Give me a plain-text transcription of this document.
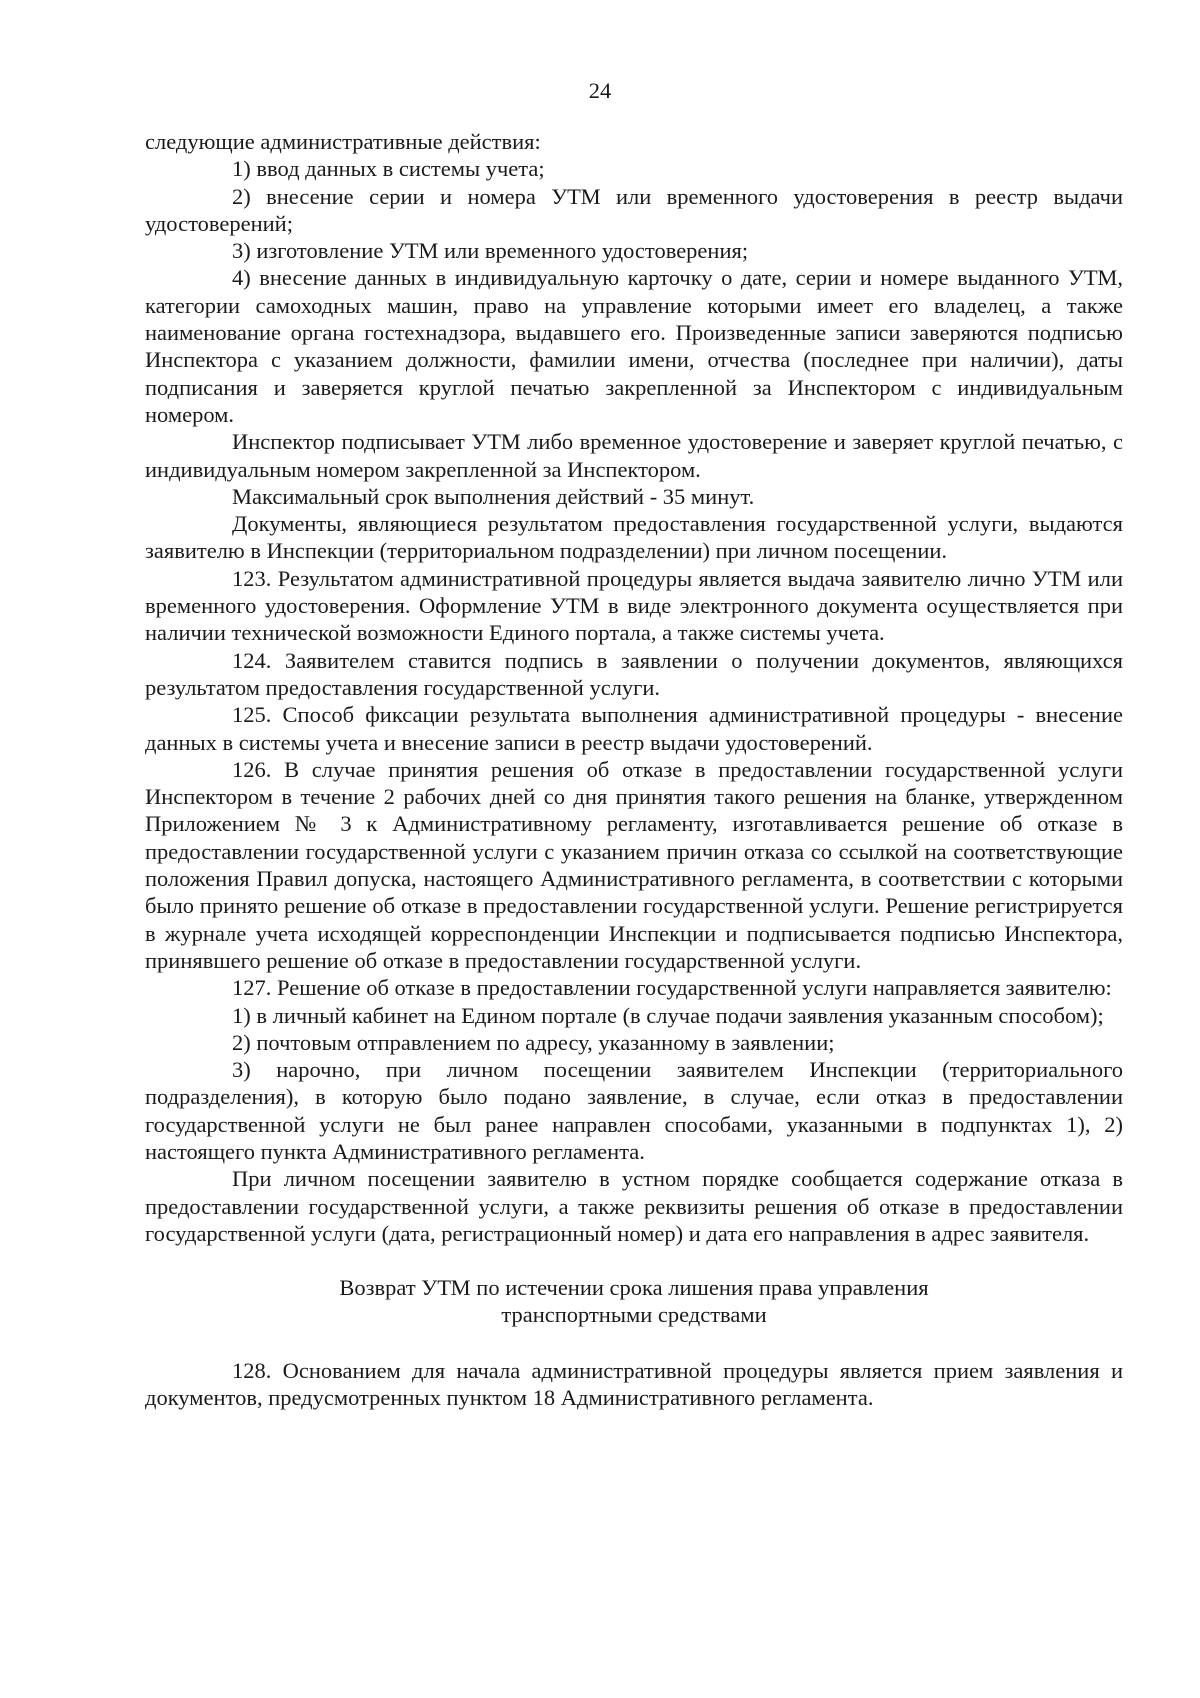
24

следующие административные действия:

1) ввод данных в системы учета;

2) внесение серии и номера УТМ или временного удостоверения в реестр выдачи удостоверений;

3) изготовление УТМ или временного удостоверения;

4) внесение данных в индивидуальную карточку о дате, серии и номере выданного УТМ, категории самоходных машин, право на управление которыми имеет его владелец, а также наименование органа гостехнадзора, выдавшего его. Произведенные записи заверяются подписью Инспектора с указанием должности, фамилии имени, отчества (последнее при наличии), даты подписания и заверяется круглой печатью закрепленной за Инспектором с индивидуальным номером.

Инспектор подписывает УТМ либо временное удостоверение и заверяет круглой печатью, с индивидуальным номером закрепленной за Инспектором.

Максимальный срок выполнения действий - 35 минут.

Документы, являющиеся результатом предоставления государственной услуги, выдаются заявителю в Инспекции (территориальном подразделении) при личном посещении.

123. Результатом административной процедуры является выдача заявителю лично УТМ или временного удостоверения. Оформление УТМ в виде электронного документа осуществляется при наличии технической возможности Единого портала, а также системы учета.

124. Заявителем ставится подпись в заявлении о получении документов, являющихся результатом предоставления государственной услуги.

125. Способ фиксации результата выполнения административной процедуры - внесение данных в системы учета и внесение записи в реестр выдачи удостоверений.

126. В случае принятия решения об отказе в предоставлении государственной услуги Инспектором в течение 2 рабочих дней со дня принятия такого решения на бланке, утвержденном Приложением № 3 к Административному регламенту, изготавливается решение об отказе в предоставлении государственной услуги с указанием причин отказа со ссылкой на соответствующие положения Правил допуска, настоящего Административного регламента, в соответствии с которыми было принято решение об отказе в предоставлении государственной услуги. Решение регистрируется в журнале учета исходящей корреспонденции Инспекции и подписывается подписью Инспектора, принявшего решение об отказе в предоставлении государственной услуги.

127. Решение об отказе в предоставлении государственной услуги направляется заявителю:

1) в личный кабинет на Едином портале (в случае подачи заявления указанным способом);

2) почтовым отправлением по адресу, указанному в заявлении;

3) нарочно, при личном посещении заявителем Инспекции (территориального подразделения), в которую было подано заявление, в случае, если отказ в предоставлении государственной услуги не был ранее направлен способами, указанными в подпунктах 1), 2) настоящего пункта Административного регламента.

При личном посещении заявителю в устном порядке сообщается содержание отказа в предоставлении государственной услуги, а также реквизиты решения об отказе в предоставлении государственной услуги (дата, регистрационный номер) и дата его направления в адрес заявителя.

Возврат УТМ по истечении срока лишения права управления
транспортными средствами

128. Основанием для начала административной процедуры является прием заявления и документов, предусмотренных пунктом 18 Административного регламента.
